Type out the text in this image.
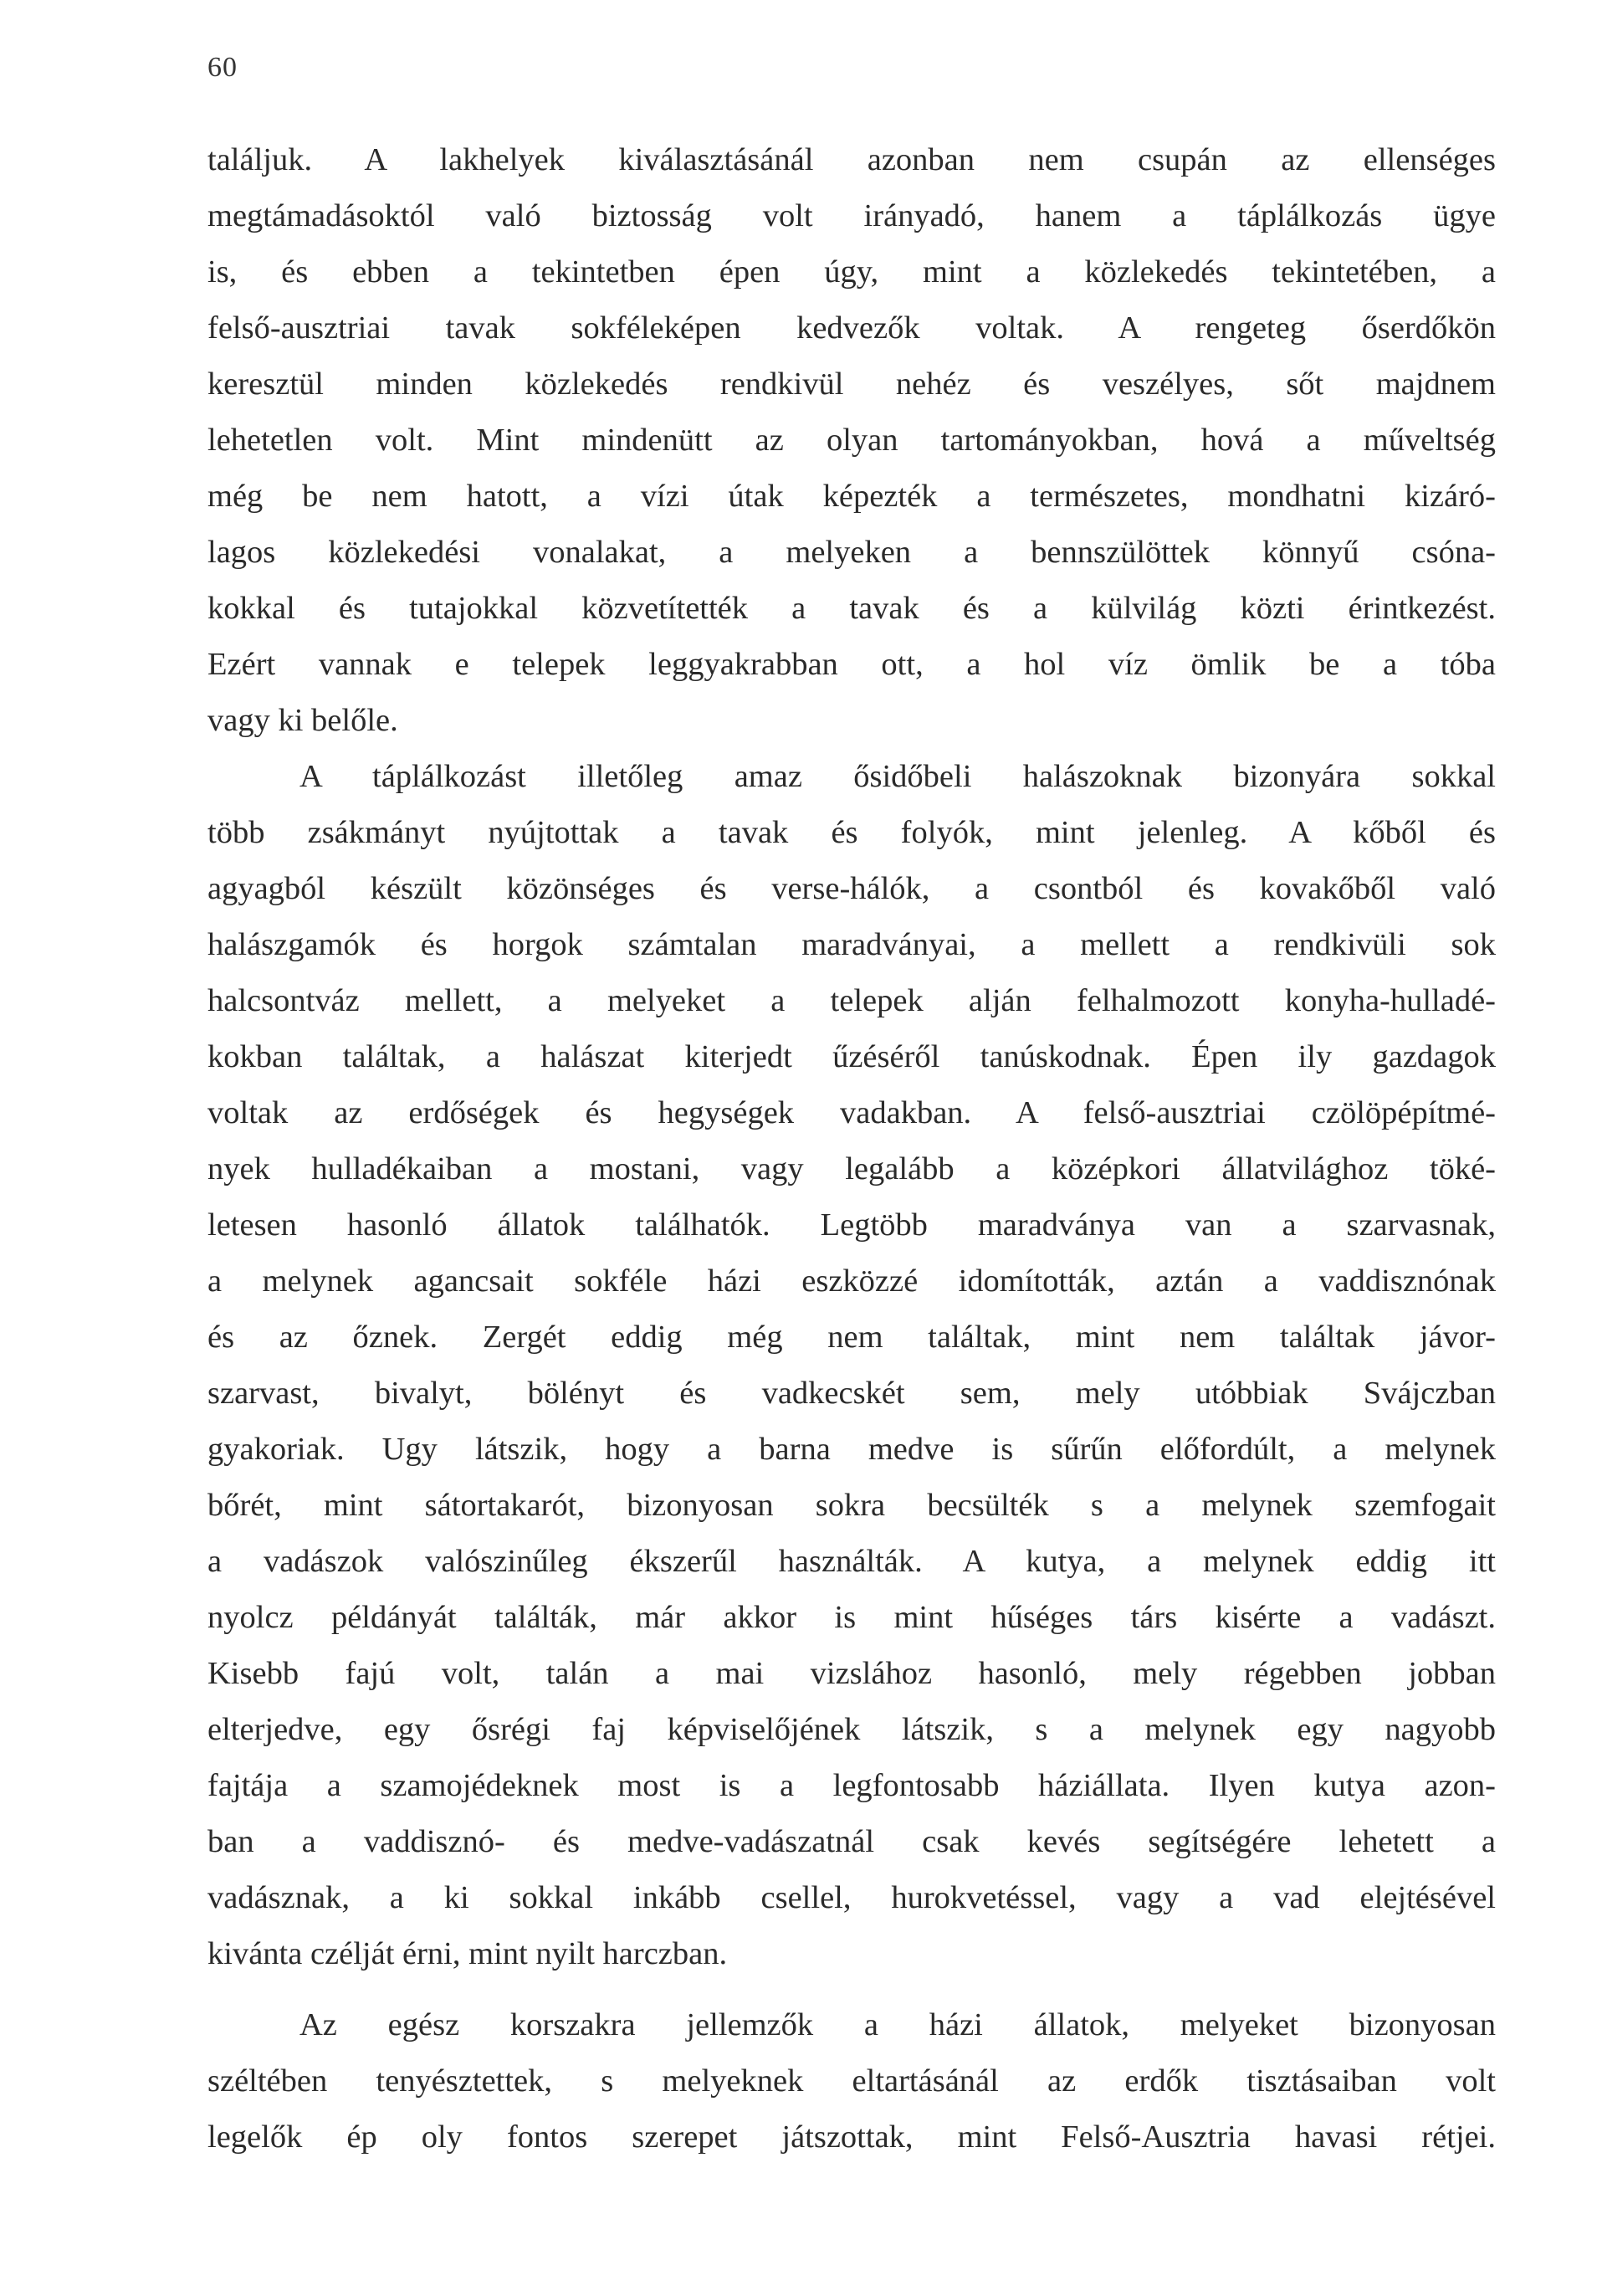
60
találjuk. A lakhelyek kiválasztásánál azonban nem csupán az ellenséges
megtámadásoktól való biztosság volt irányadó, hanem a táplálkozás ügye
is, és ebben a tekintetben épen úgy, mint a közlekedés tekintetében, a
felső-ausztriai tavak sokféleképen kedvezők voltak. A rengeteg őserdőkön
keresztül minden közlekedés rendkivül nehéz és veszélyes, sőt majdnem
lehetetlen volt. Mint mindenütt az olyan tartományokban, hová a műveltség
még be nem hatott, a vízi útak képezték a természetes, mondhatni kizáró-
lagos közlekedési vonalakat, a melyeken a bennszülöttek könnyű csóna-
kokkal és tutajokkal közvetítették a tavak és a külvilág közti érintkezést.
Ezért vannak e telepek leggyakrabban ott, a hol víz ömlik be a tóba
vagy ki belőle.
A táplálkozást illetőleg amaz ősidőbeli halászoknak bizonyára sokkal
több zsákmányt nyújtottak a tavak és folyók, mint jelenleg. A kőből és
agyagból készült közönséges és verse-hálók, a csontból és kovakőből való
halászgamók és horgok számtalan maradványai, a mellett a rendkivüli sok
halcsontváz mellett, a melyeket a telepek alján felhalmozott konyha-hulladé-
kokban találtak, a halászat kiterjedt űzéséről tanúskodnak. Épen ily gazdagok
voltak az erdőségek és hegységek vadakban. A felső-ausztriai czölöpépítmé-
nyek hulladékaiban a mostani, vagy legalább a középkori állatvilághoz töké-
letesen hasonló állatok találhatók. Legtöbb maradványa van a szarvasnak,
a melynek agancsait sokféle házi eszközzé idomították, aztán a vaddisznónak
és az őznek. Zergét eddig még nem találtak, mint nem találtak jávor-
szarvast, bivalyt, bölényt és vadkecskét sem, mely utóbbiak Svájczban
gyakoriak. Ugy látszik, hogy a barna medve is sűrűn előfordúlt, a melynek
bőrét, mint sátortakarót, bizonyosan sokra becsülték s a melynek szemfogait
a vadászok valószinűleg ékszerűl használták. A kutya, a melynek eddig itt
nyolcz példányát találták, már akkor is mint hűséges társ kisérte a vadászt.
Kisebb fajú volt, talán a mai vizslához hasonló, mely régebben jobban
elterjedve, egy ősrégi faj képviselőjének látszik, s a melynek egy nagyobb
fajtája a szamojédeknek most is a legfontosabb háziállata. Ilyen kutya azon-
ban a vaddisznó- és medve-vadászatnál csak kevés segítségére lehetett a
vadásznak, a ki sokkal inkább csellel, hurokvetéssel, vagy a vad elejtésével
kivánta czélját érni, mint nyilt harczban.
Az egész korszakra jellemzők a házi állatok, melyeket bizonyosan
széltében tenyésztettek, s melyeknek eltartásánál az erdők tisztásaiban volt
legelők ép oly fontos szerepet játszottak, mint Felső-Ausztria havasi rétjei.
